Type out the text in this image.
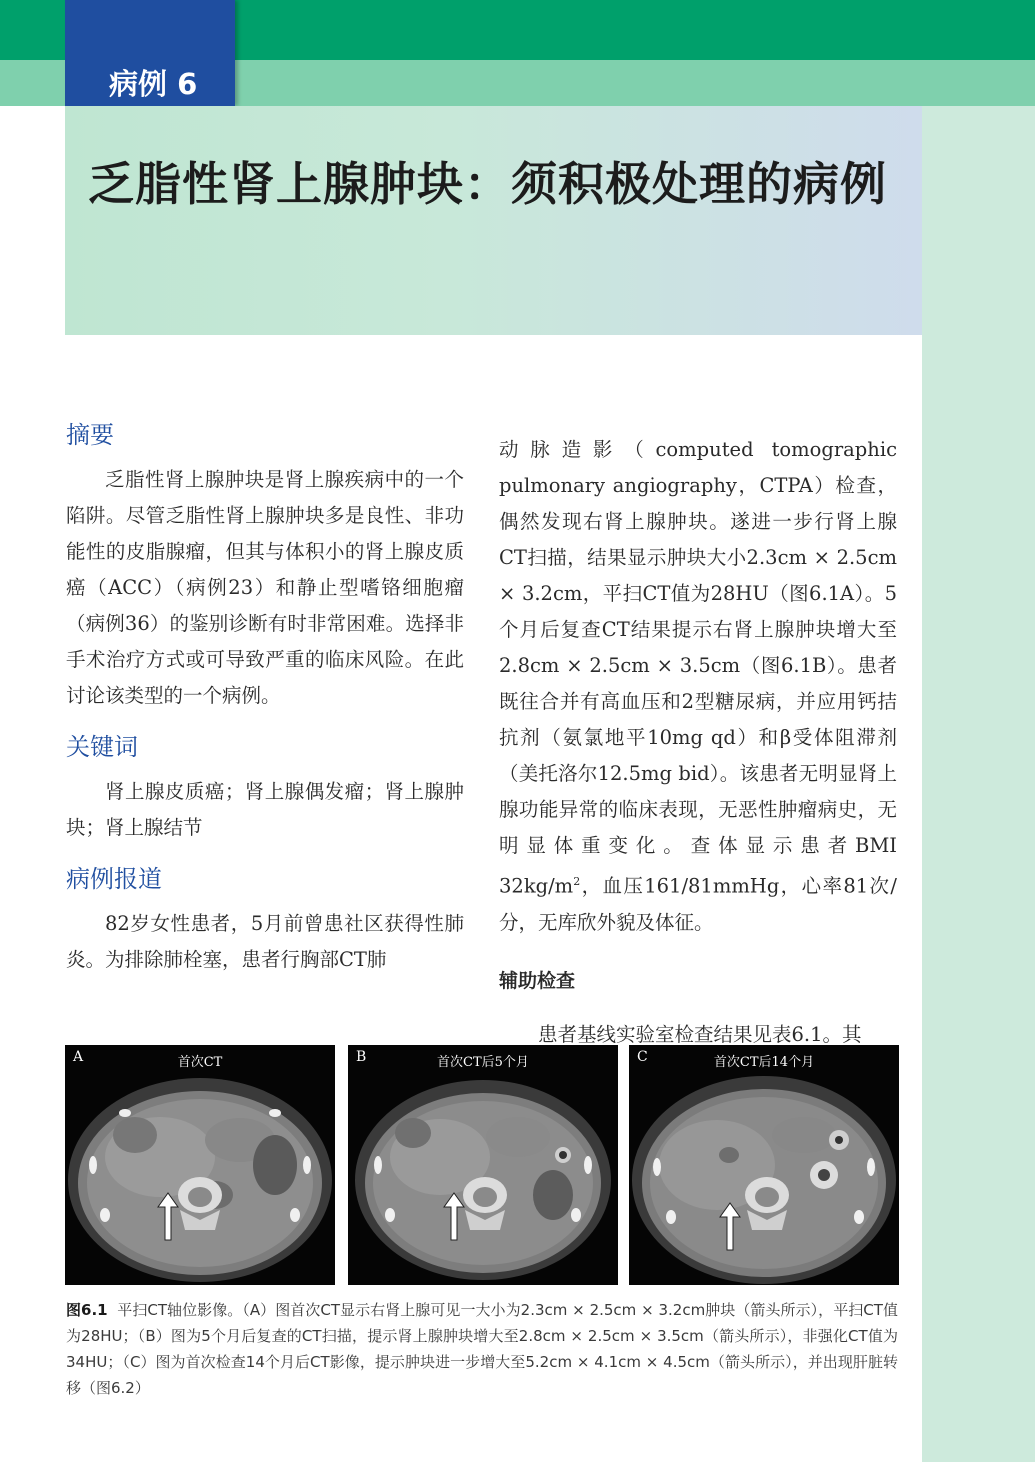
病例 6
乏脂性肾上腺肿块：须积极处理的病例
摘要

乏脂性肾上腺肿块是肾上腺疾病中的一个陷阱。尽管乏脂性肾上腺肿块多是良性、非功能性的皮脂腺瘤，但其与体积小的肾上腺皮质癌（ACC）（病例23）和静止型嗜铬细胞瘤（病例36）的鉴别诊断有时非常困难。选择非手术治疗方式或可导致严重的临床风险。在此讨论该类型的一个病例。

关键词

肾上腺皮质癌；肾上腺偶发瘤；肾上腺肿块；肾上腺结节

病例报道

82岁女性患者，5月前曾患社区获得性肺炎。为排除肺栓塞，患者行胸部CT肺

动脉造影（computed tomographic pulmonary angiography，CTPA）检查，偶然发现右肾上腺肿块。遂进一步行肾上腺CT扫描，结果显示肿块大小2.3cm × 2.5cm × 3.2cm，平扫CT值为28HU（图6.1A）。5个月后复查CT结果提示右肾上腺肿块增大至2.8cm × 2.5cm × 3.5cm（图6.1B）。患者既往合并有高血压和2型糖尿病，并应用钙拮抗剂（氨氯地平10mg qd）和β受体阻滞剂（美托洛尔12.5mg bid）。该患者无明显肾上腺功能异常的临床表现，无恶性肿瘤病史，无明显体重变化。查体显示患者BMI $32kg/m^2$，血压161/81mmHg，心率81次/分，无库欣外貌及体征。

辅助检查

患者基线实验室检查结果见表6.1。其

A	首次CT	B	首次CT后5个月	C	首次CT后14个月

图6.1 平扫CT轴位影像。（A）图首次CT显示右肾上腺可见一大小为2.3cm × 2.5cm × 3.2cm肿块（箭头所示），平扫CT值为28HU；（B）图为5个月后复查的CT扫描，提示肾上腺肿块增大至2.8cm × 2.5cm × 3.5cm（箭头所示），非强化CT值为34HU；（C）图为首次检查14个月后CT影像，提示肿块进一步增大至5.2cm × 4.1cm × 4.5cm（箭头所示），并出现肝脏转移（图6.2）
